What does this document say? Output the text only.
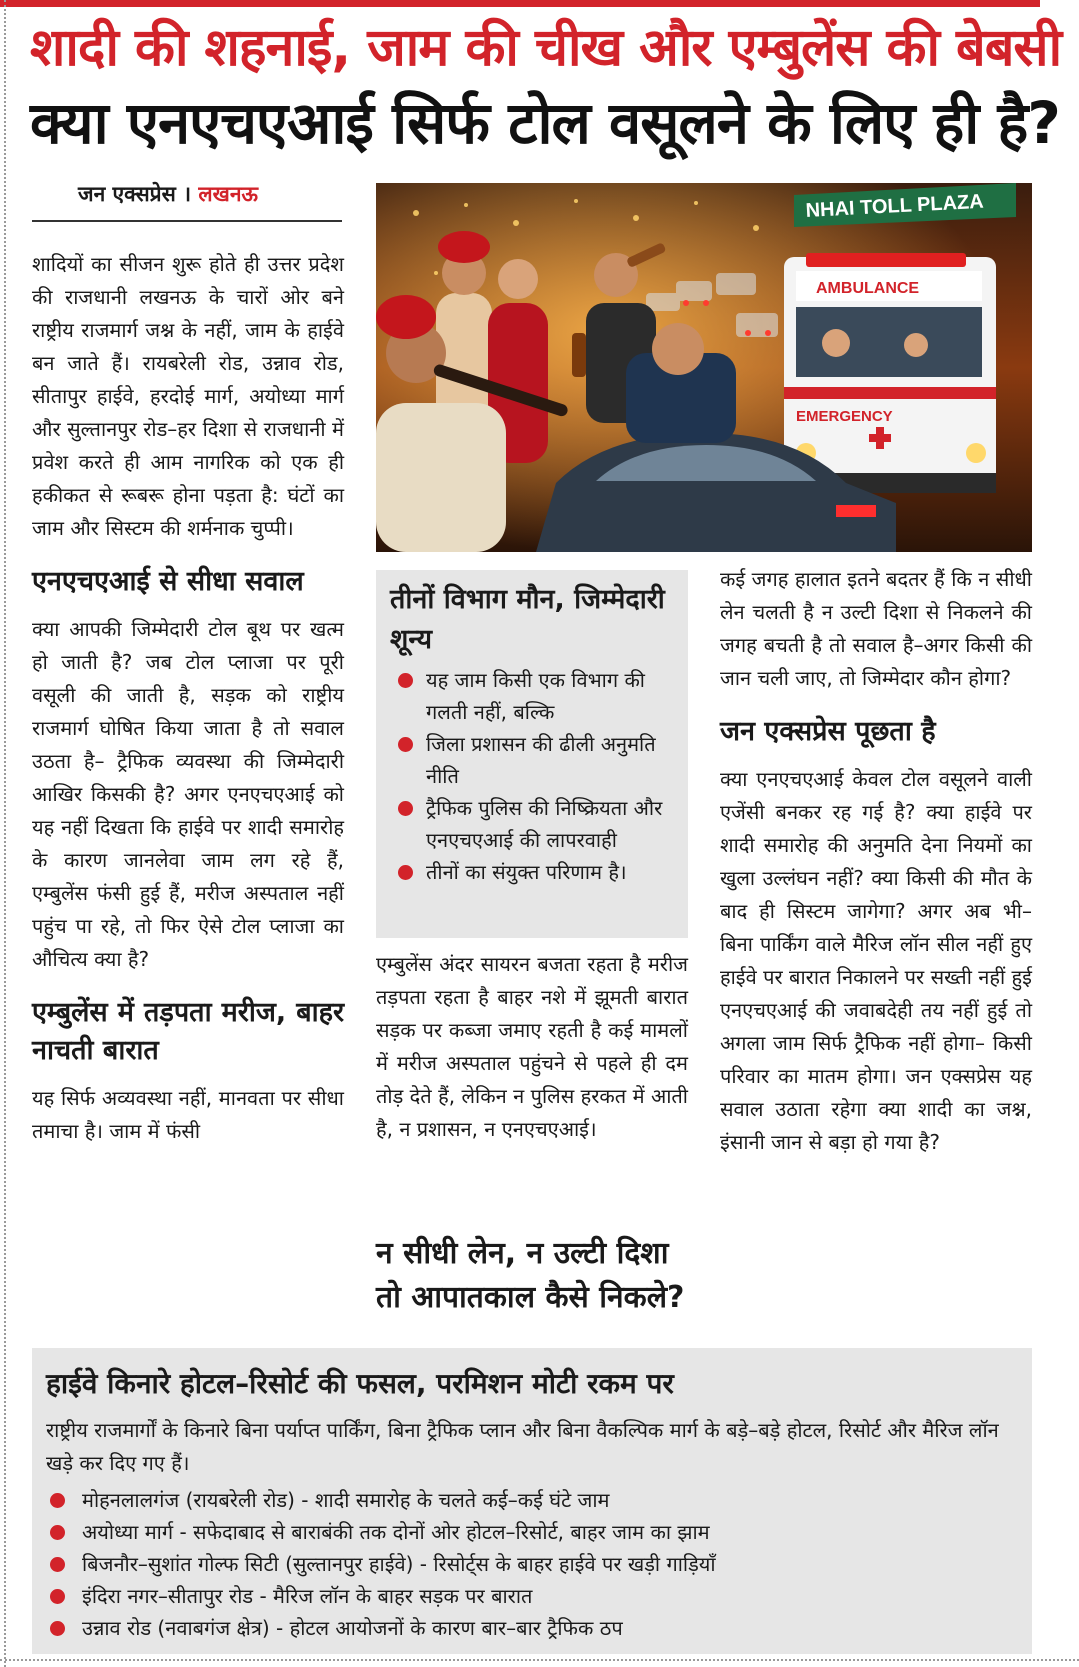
शादी की शहनाई, जाम की चीख और एम्बुलेंस की बेबसी
क्या एनएचएआई सिर्फ टोल वसूलने के लिए ही है?
जन एक्सप्रेस । लखनऊ

शादियों का सीजन शुरू होते ही उत्तर प्रदेश की राजधानी लखनऊ के चारों ओर बने राष्ट्रीय राजमार्ग जश्न के नहीं, जाम के हाईवे बन जाते हैं। रायबरेली रोड, उन्नाव रोड, सीतापुर हाईवे, हरदोई मार्ग, अयोध्या मार्ग और सुल्तानपुर रोड–हर दिशा से राजधानी में प्रवेश करते ही आम नागरिक को एक ही हकीकत से रूबरू होना पड़ता है: घंटों का जाम और सिस्टम की शर्मनाक चुप्पी।

एनएचएआई से सीधा सवाल

क्या आपकी जिम्मेदारी टोल बूथ पर खत्म हो जाती है? जब टोल प्लाजा पर पूरी वसूली की जाती है, सड़क को राष्ट्रीय राजमार्ग घोषित किया जाता है तो सवाल उठता है– ट्रैफिक व्यवस्था की जिम्मेदारी आखिर किसकी है? अगर एनएचएआई को यह नहीं दिखता कि हाईवे पर शादी समारोह के कारण जानलेवा जाम लग रहे हैं, एम्बुलेंस फंसी हुई हैं, मरीज अस्पताल नहीं पहुंच पा रहे, तो फिर ऐसे टोल प्लाजा का औचित्य क्या है?

एम्बुलेंस में तड़पता मरीज, बाहर नाचती बारात

यह सिर्फ अव्यवस्था नहीं, मानवता पर सीधा तमाचा है। जाम में फंसी

NHAI TOLL PLAZA
AMBULANCE
EMERGENCY
तीनों विभाग मौन, जिम्मेदारी शून्य
यह जाम किसी एक विभाग की गलती नहीं, बल्कि
जिला प्रशासन की ढीली अनुमति नीति
ट्रैफिक पुलिस की निष्क्रियता और एनएचएआई की लापरवाही
तीनों का संयुक्त परिणाम है।

एम्बुलेंस अंदर सायरन बजता रहता है मरीज तड़पता रहता है बाहर नशे में झूमती बारात सड़क पर कब्जा जमाए रहती है कई मामलों में मरीज अस्पताल पहुंचने से पहले ही दम तोड़ देते हैं, लेकिन न पुलिस हरकत में आती है, न प्रशासन, न एनएचएआई।

न सीधी लेन, न उल्टी दिशा तो आपातकाल कैसे निकले?

कई जगह हालात इतने बदतर हैं कि न सीधी लेन चलती है न उल्टी दिशा से निकलने की जगह बचती है तो सवाल है–अगर किसी की जान चली जाए, तो जिम्मेदार कौन होगा?

जन एक्सप्रेस पूछता है

क्या एनएचएआई केवल टोल वसूलने वाली एजेंसी बनकर रह गई है? क्या हाईवे पर शादी समारोह की अनुमति देना नियमों का खुला उल्लंघन नहीं? क्या किसी की मौत के बाद ही सिस्टम जागेगा? अगर अब भी– बिना पार्किंग वाले मैरिज लॉन सील नहीं हुए हाईवे पर बारात निकालने पर सख्ती नहीं हुई एनएचएआई की जवाबदेही तय नहीं हुई तो अगला जाम सिर्फ ट्रैफिक नहीं होगा– किसी परिवार का मातम होगा। जन एक्सप्रेस यह सवाल उठाता रहेगा क्या शादी का जश्न, इंसानी जान से बड़ा हो गया है?

हाईवे किनारे होटल–रिसोर्ट की फसल, परमिशन मोटी रकम पर
राष्ट्रीय राजमार्गों के किनारे बिना पर्याप्त पार्किंग, बिना ट्रैफिक प्लान और बिना वैकल्पिक मार्ग के बड़े–बड़े होटल, रिसोर्ट और मैरिज लॉन खड़े कर दिए गए हैं।
मोहनलालगंज (रायबरेली रोड) - शादी समारोह के चलते कई–कई घंटे जाम
अयोध्या मार्ग - सफेदाबाद से बाराबंकी तक दोनों ओर होटल–रिसोर्ट, बाहर जाम का झाम
बिजनौर–सुशांत गोल्फ सिटी (सुल्तानपुर हाईवे) - रिसोर्ट्स के बाहर हाईवे पर खड़ी गाड़ियाँ
इंदिरा नगर–सीतापुर रोड - मैरिज लॉन के बाहर सड़क पर बारात
उन्नाव रोड (नवाबगंज क्षेत्र) - होटल आयोजनों के कारण बार–बार ट्रैफिक ठप
